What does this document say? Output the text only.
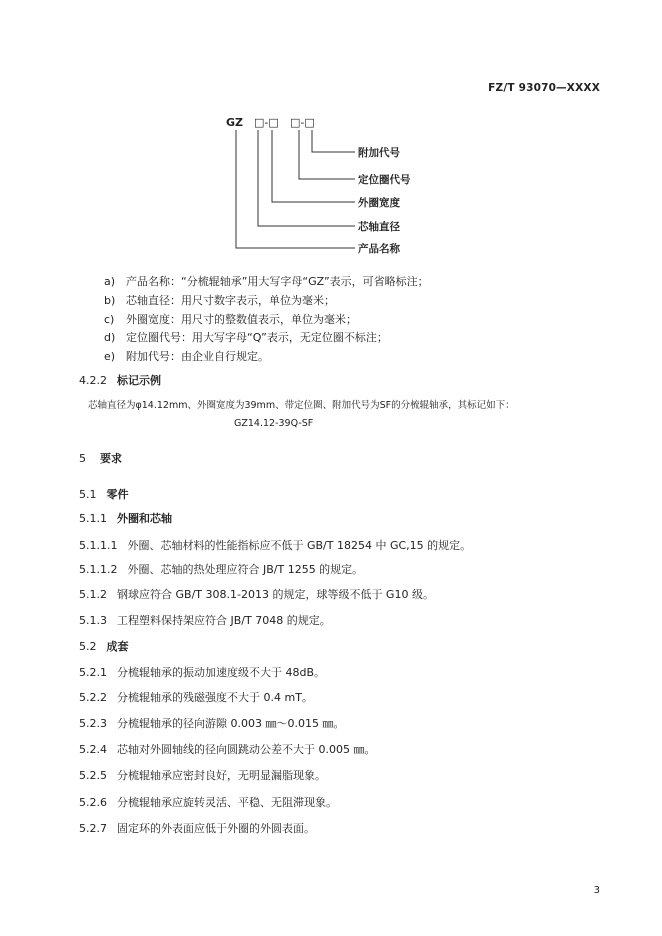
FZ/T 93070—XXXX
GZ □-□ □-□
附加代号
定位圈代号
外圈宽度
芯轴直径
产品名称
a) 产品名称：“分梳辊轴承”用大写字母“GZ”表示，可省略标注；
b) 芯轴直径：用尺寸数字表示，单位为毫米；
c) 外圈宽度：用尺寸的整数值表示，单位为毫米；
d) 定位圈代号：用大写字母“Q”表示，无定位圈不标注；
e) 附加代号：由企业自行规定。
4.2.2 标记示例
芯轴直径为φ14.12mm、外圈宽度为39mm、带定位圈、附加代号为SF的分梳辊轴承，其标记如下：
GZ14.12-39Q-SF
5 要求
5.1 零件
5.1.1 外圈和芯轴
5.1.1.1 外圈、芯轴材料的性能指标应不低于 GB/T 18254 中 GC,15 的规定。
5.1.1.2 外圈、芯轴的热处理应符合 JB/T 1255 的规定。
5.1.2 钢球应符合 GB/T 308.1-2013 的规定，球等级不低于 G10 级。
5.1.3 工程塑料保持架应符合 JB/T 7048 的规定。
5.2 成套
5.2.1 分梳辊轴承的振动加速度级不大于 48dB。
5.2.2 分梳辊轴承的残磁强度不大于 0.4 mT。
5.2.3 分梳辊轴承的径向游隙 0.003 ㎜～0.015 ㎜。
5.2.4 芯轴对外圆轴线的径向圆跳动公差不大于 0.005 ㎜。
5.2.5 分梳辊轴承应密封良好，无明显漏脂现象。
5.2.6 分梳辊轴承应旋转灵活、平稳、无阻滞现象。
5.2.7 固定环的外表面应低于外圈的外圆表面。
3
